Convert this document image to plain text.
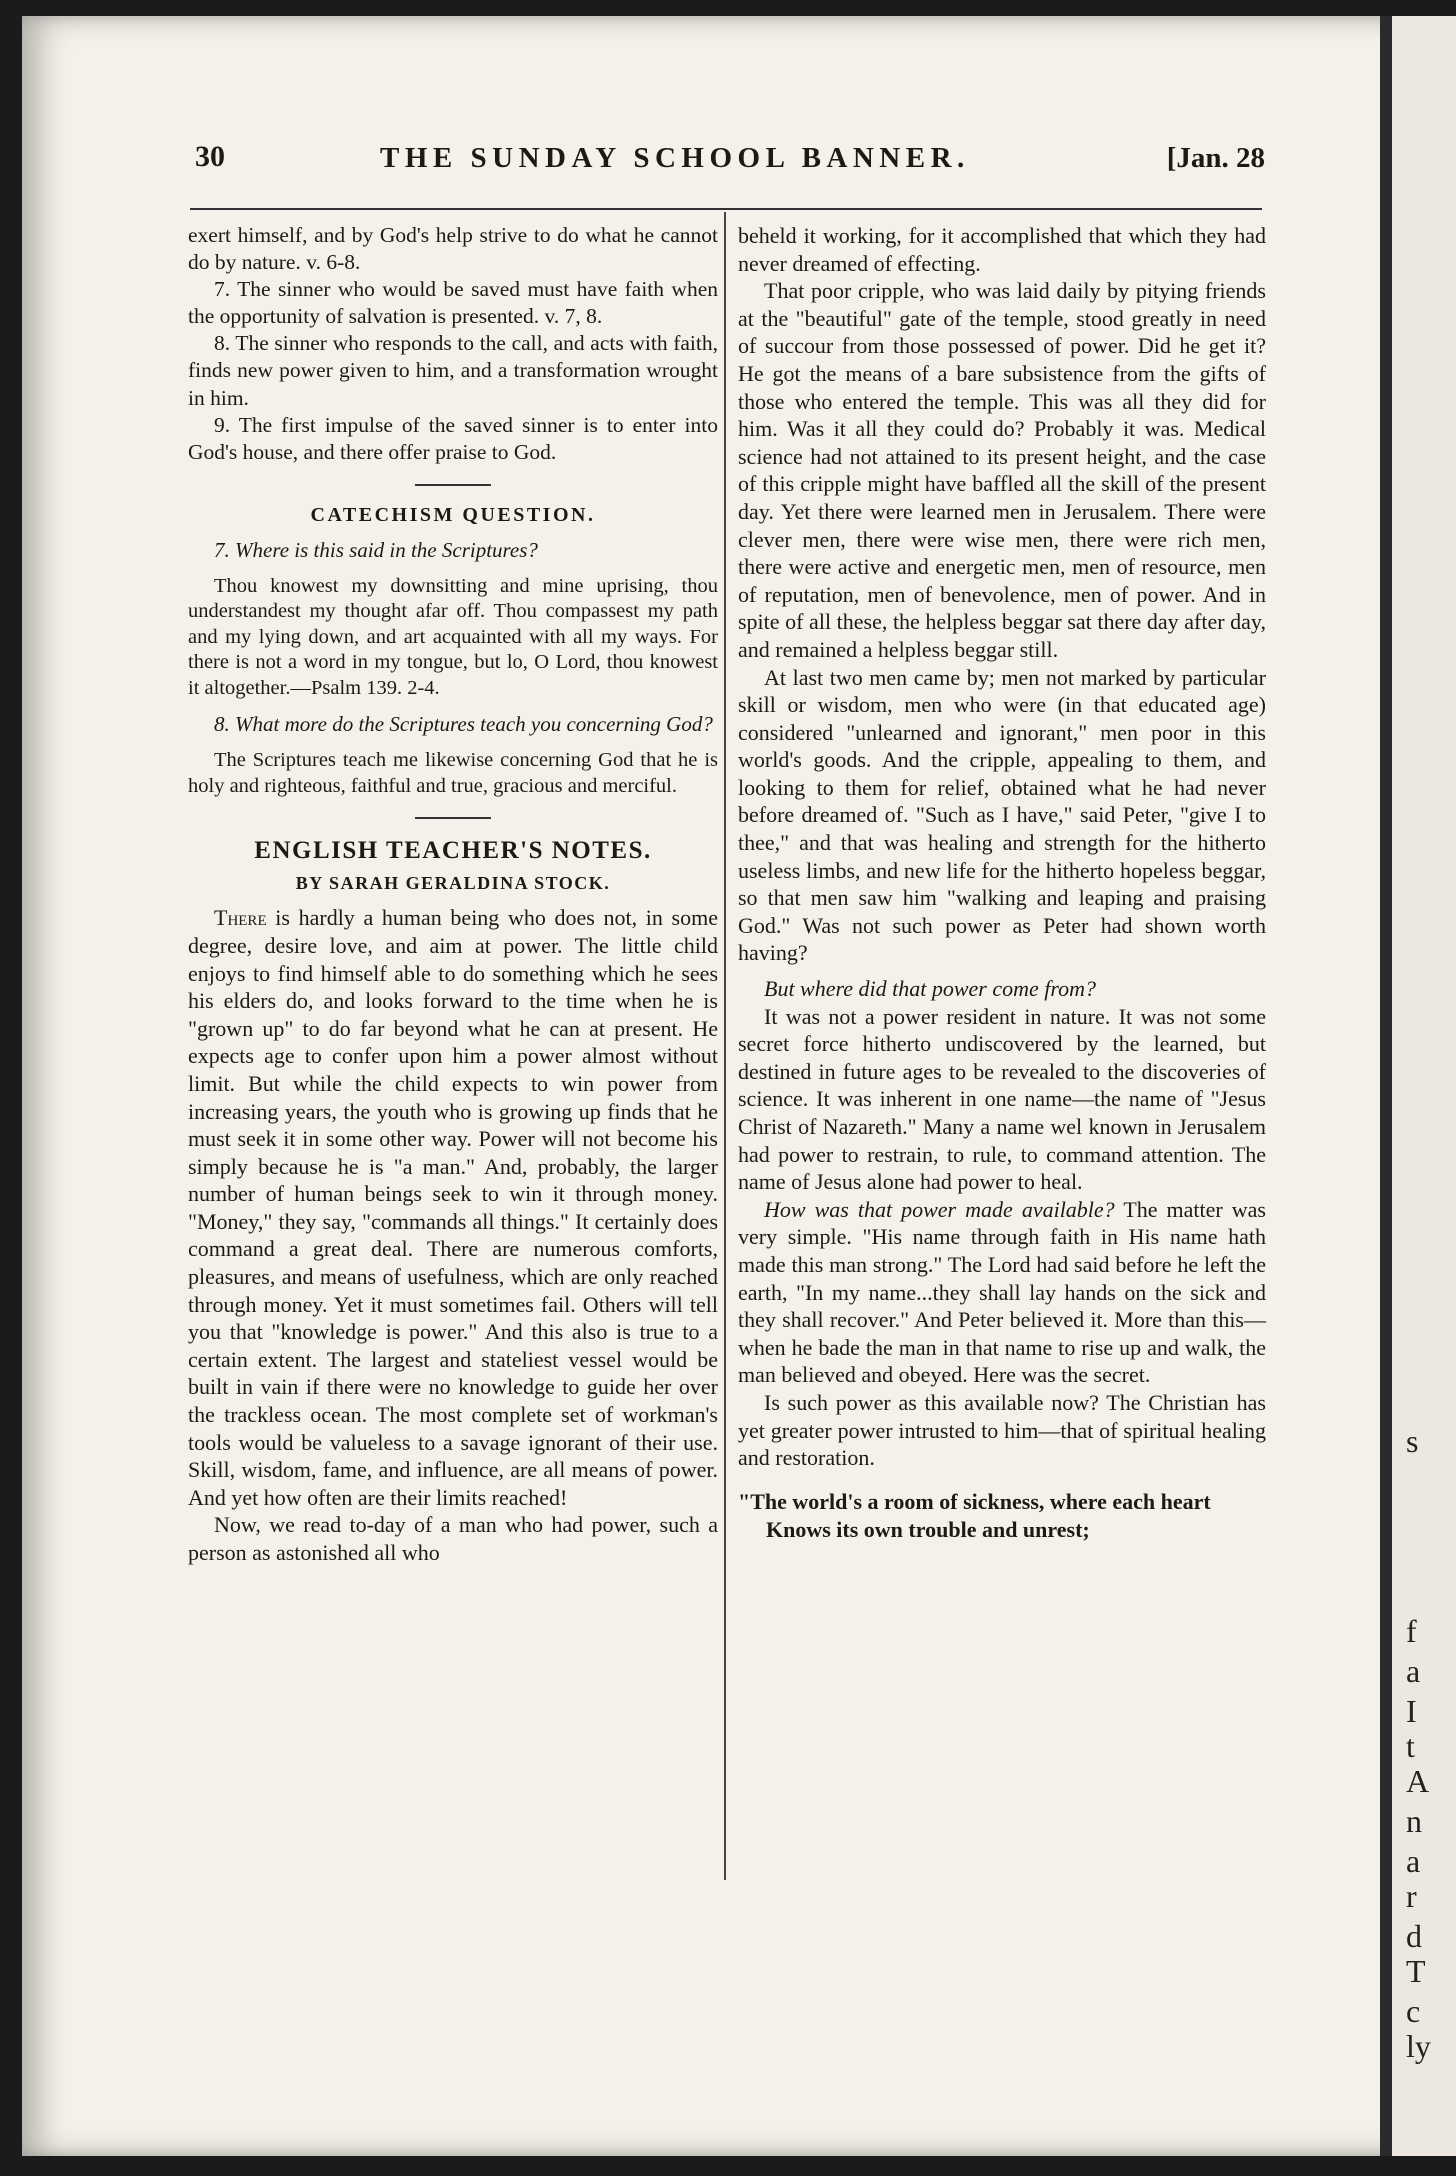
s
f
a
I
t
A
n
a
r
d
T
c
ly
30	THE SUNDAY SCHOOL BANNER.	[Jan. 28

exert himself, and by God's help strive to do what he cannot do by nature. v. 6-8.

7. The sinner who would be saved must have faith when the opportunity of salvation is presented. v. 7, 8.

8. The sinner who responds to the call, and acts with faith, finds new power given to him, and a transformation wrought in him.

9. The first impulse of the saved sinner is to enter into God's house, and there offer praise to God.

CATECHISM QUESTION.
7. Where is this said in the Scriptures?
Thou knowest my downsitting and mine uprising, thou understandest my thought afar off. Thou compassest my path and my lying down, and art acquainted with all my ways. For there is not a word in my tongue, but lo, O Lord, thou knowest it altogether.—Psalm 139. 2-4.
8. What more do the Scriptures teach you concerning God?
The Scriptures teach me likewise concerning God that he is holy and righteous, faithful and true, gracious and merciful.
ENGLISH TEACHER'S NOTES.
BY SARAH GERALDINA STOCK.

There is hardly a human being who does not, in some degree, desire love, and aim at power. The little child enjoys to find himself able to do something which he sees his elders do, and looks forward to the time when he is "grown up" to do far beyond what he can at present. He expects age to confer upon him a power almost without limit. But while the child expects to win power from increasing years, the youth who is growing up finds that he must seek it in some other way. Power will not become his simply because he is "a man." And, probably, the larger number of human beings seek to win it through money. "Money," they say, "commands all things." It certainly does command a great deal. There are numerous comforts, pleasures, and means of usefulness, which are only reached through money. Yet it must sometimes fail. Others will tell you that "knowledge is power." And this also is true to a certain extent. The largest and stateliest vessel would be built in vain if there were no knowledge to guide her over the trackless ocean. The most complete set of workman's tools would be valueless to a savage ignorant of their use. Skill, wisdom, fame, and influence, are all means of power. And yet how often are their limits reached!

Now, we read to-day of a man who had power, such a person as astonished all who

beheld it working, for it accomplished that which they had never dreamed of effecting.

That poor cripple, who was laid daily by pitying friends at the "beautiful" gate of the temple, stood greatly in need of succour from those possessed of power. Did he get it? He got the means of a bare subsistence from the gifts of those who entered the temple. This was all they did for him. Was it all they could do? Probably it was. Medical science had not attained to its present height, and the case of this cripple might have baffled all the skill of the present day. Yet there were learned men in Jerusalem. There were clever men, there were wise men, there were rich men, there were active and energetic men, men of resource, men of reputation, men of benevolence, men of power. And in spite of all these, the helpless beggar sat there day after day, and remained a helpless beggar still.

At last two men came by; men not marked by particular skill or wisdom, men who were (in that educated age) considered "unlearned and ignorant," men poor in this world's goods. And the cripple, appealing to them, and looking to them for relief, obtained what he had never before dreamed of. "Such as I have," said Peter, "give I to thee," and that was healing and strength for the hitherto useless limbs, and new life for the hitherto hopeless beggar, so that men saw him "walking and leaping and praising God." Was not such power as Peter had shown worth having?

But where did that power come from?

It was not a power resident in nature. It was not some secret force hitherto undiscovered by the learned, but destined in future ages to be revealed to the discoveries of science. It was inherent in one name—the name of "Jesus Christ of Nazareth." Many a name wel known in Jerusalem had power to restrain, to rule, to command attention. The name of Jesus alone had power to heal.

How was that power made available? The matter was very simple. "His name through faith in His name hath made this man strong." The Lord had said before he left the earth, "In my name...they shall lay hands on the sick and they shall recover." And Peter believed it. More than this—when he bade the man in that name to rise up and walk, the man believed and obeyed. Here was the secret.

Is such power as this available now? The Christian has yet greater power intrusted to him—that of spiritual healing and restoration.

"The world's a room of sickness, where each heart
Knows its own trouble and unrest;
